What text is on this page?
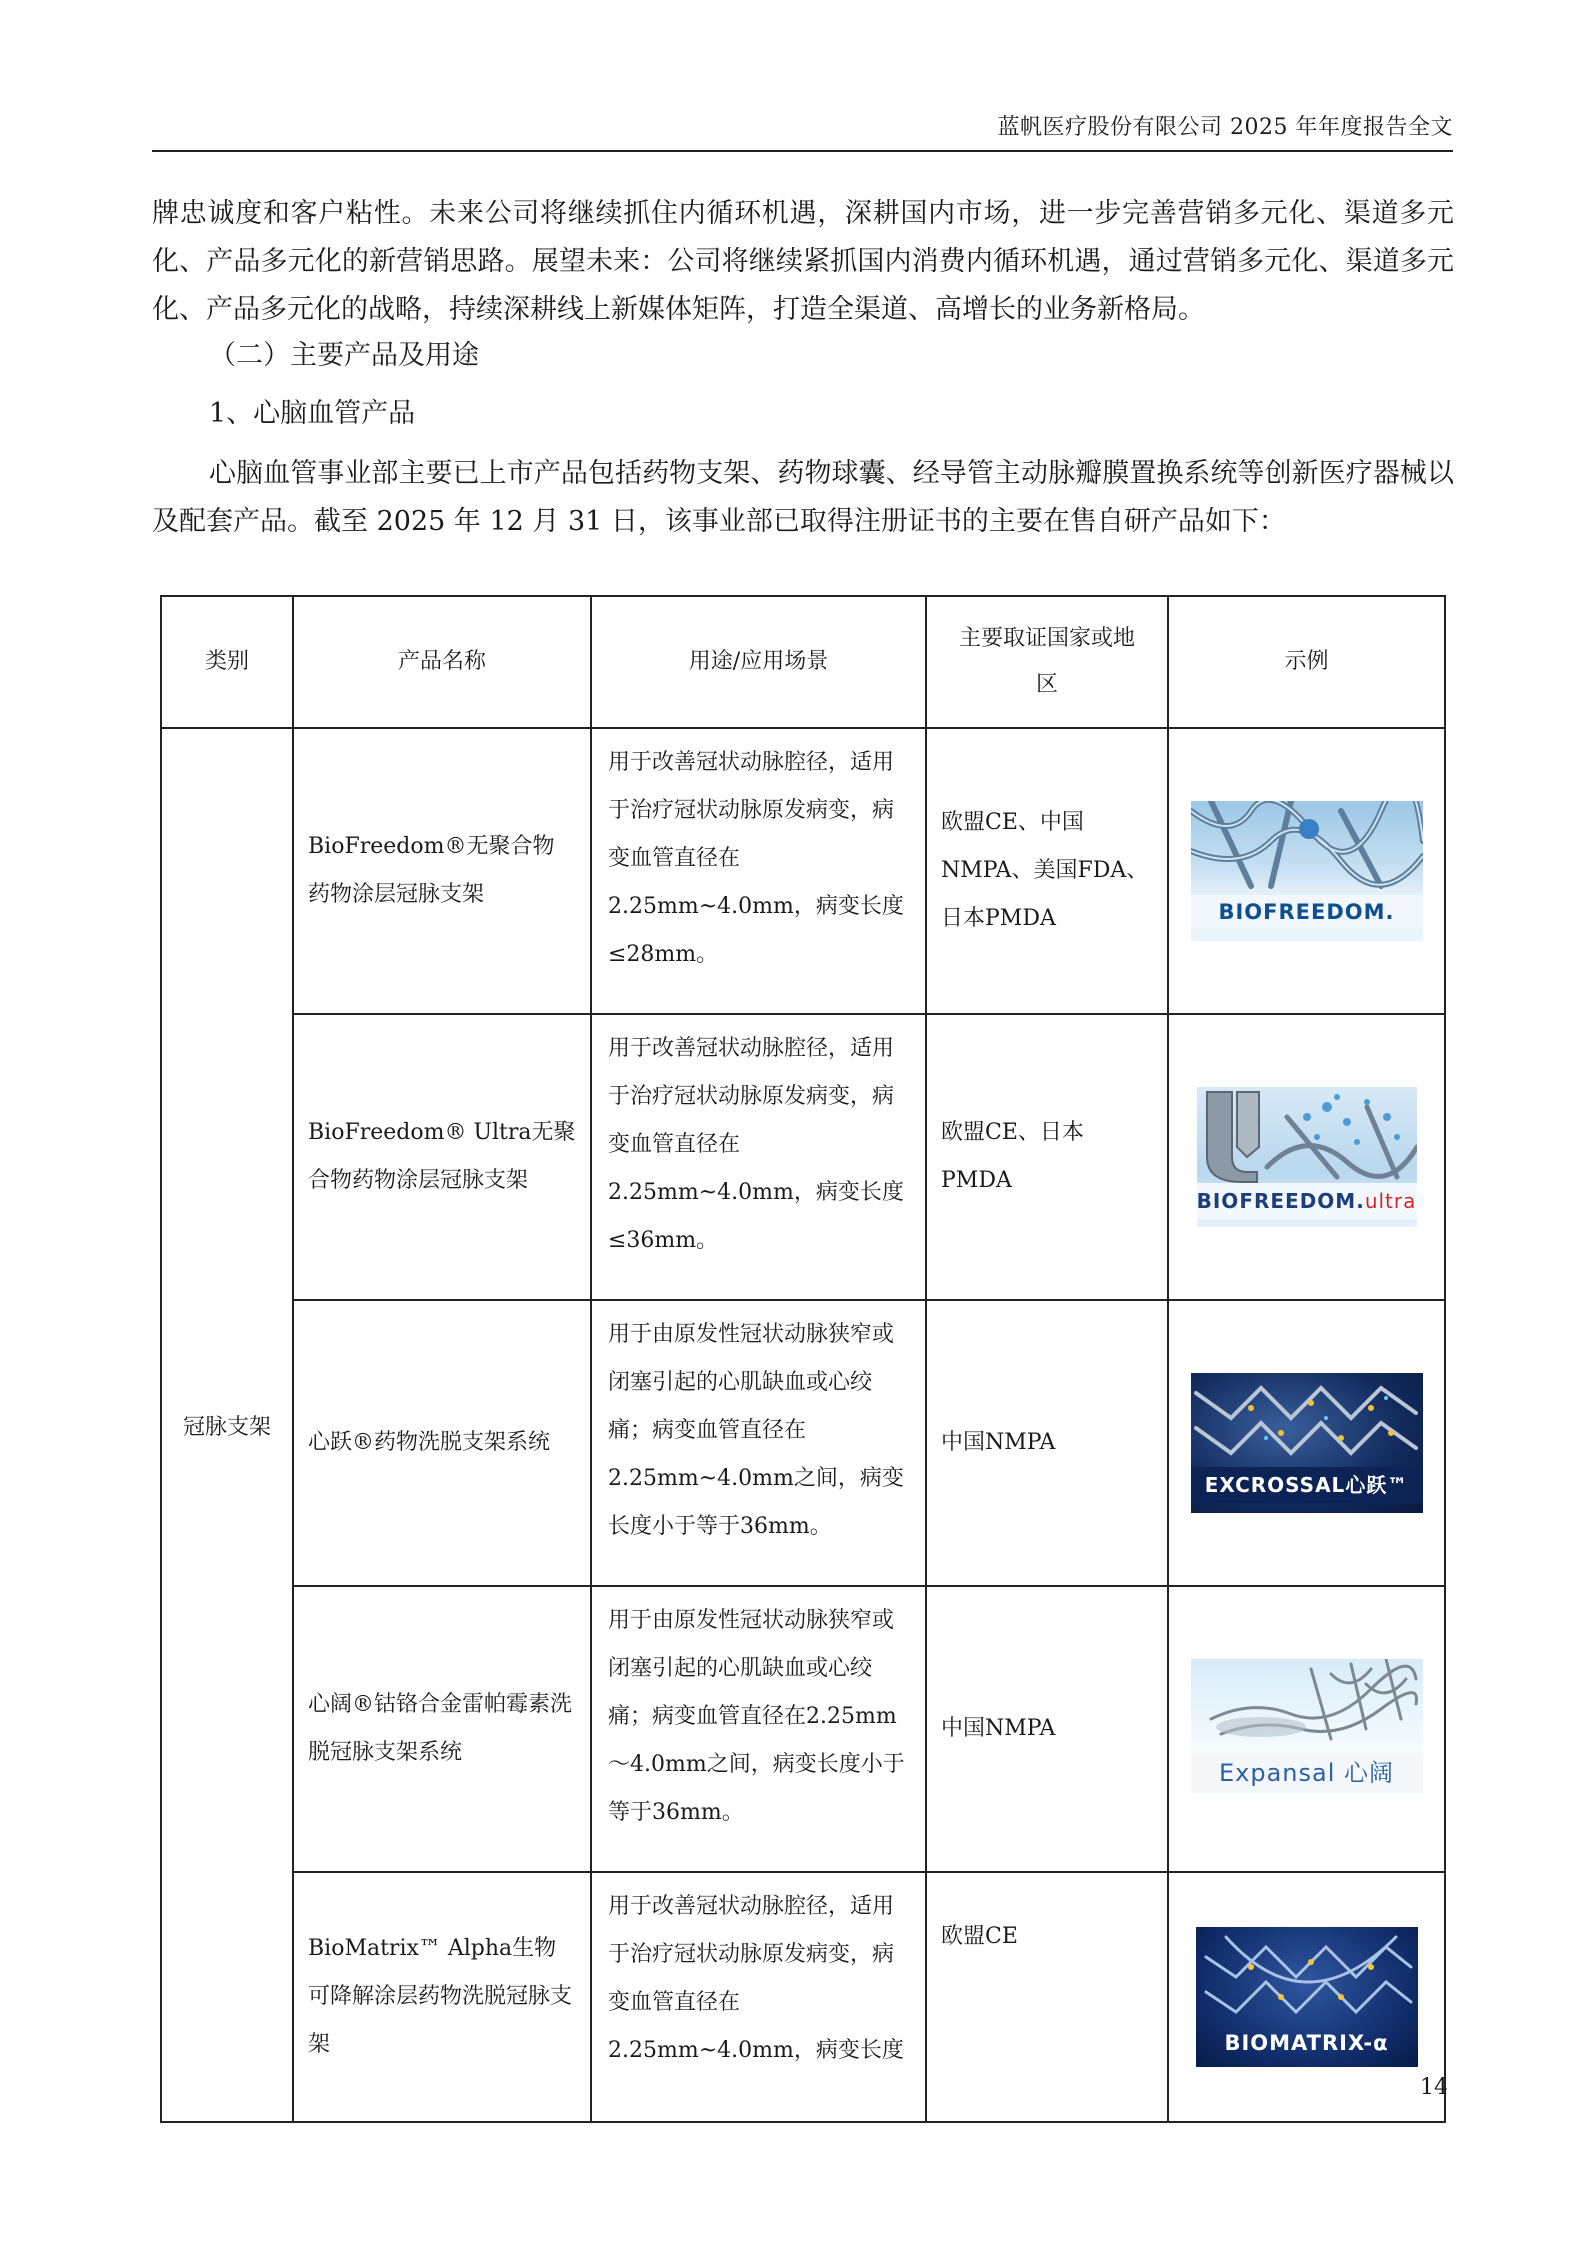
蓝帆医疗股份有限公司 2025 年年度报告全文

牌忠诚度和客户粘性。未来公司将继续抓住内循环机遇，深耕国内市场，进一步完善营销多元化、渠道多元化、产品多元化的新营销思路。展望未来：公司将继续紧抓国内消费内循环机遇，通过营销多元化、渠道多元化、产品多元化的战略，持续深耕线上新媒体矩阵，打造全渠道、高增长的业务新格局。

（二）主要产品及用途
1、心脑血管产品

心脑血管事业部主要已上市产品包括药物支架、药物球囊、经导管主动脉瓣膜置换系统等创新医疗器械以及配套产品。截至 2025 年 12 月 31 日，该事业部已取得注册证书的主要在售自研产品如下：

类别	产品名称	用途/应用场景	主要取证国家或地区	示例
冠脉支架	BioFreedom®无聚合物药物涂层冠脉支架	用于改善冠状动脉腔径，适用于治疗冠状动脉原发病变，病变血管直径在2.25mm~4.0mm，病变长度≤28mm。	欧盟CE、中国NMPA、美国FDA、日本PMDA	BIOFREEDOM.

	BioFreedom® Ultra无聚合物药物涂层冠脉支架	用于改善冠状动脉腔径，适用于治疗冠状动脉原发病变，病变血管直径在2.25mm~4.0mm，病变长度≤36mm。	欧盟CE、日本PMDA	BIOFREEDOM.ultra

	心跃®药物洗脱支架系统	用于由原发性冠状动脉狭窄或闭塞引起的心肌缺血或心绞痛；病变血管直径在2.25mm~4.0mm之间，病变长度小于等于36mm。	中国NMPA	EXCROSSAL心跃™

	心阔®钴铬合金雷帕霉素洗脱冠脉支架系统	用于由原发性冠状动脉狭窄或闭塞引起的心肌缺血或心绞痛；病变血管直径在2.25mm～4.0mm之间，病变长度小于等于36mm。	中国NMPA	Expansal 心阔

	BioMatrix™ Alpha生物可降解涂层药物洗脱冠脉支架	用于改善冠状动脉腔径，适用于治疗冠状动脉原发病变，病变血管直径在2.25mm~4.0mm，病变长度	欧盟CE	BIOMATRIX-α
14
